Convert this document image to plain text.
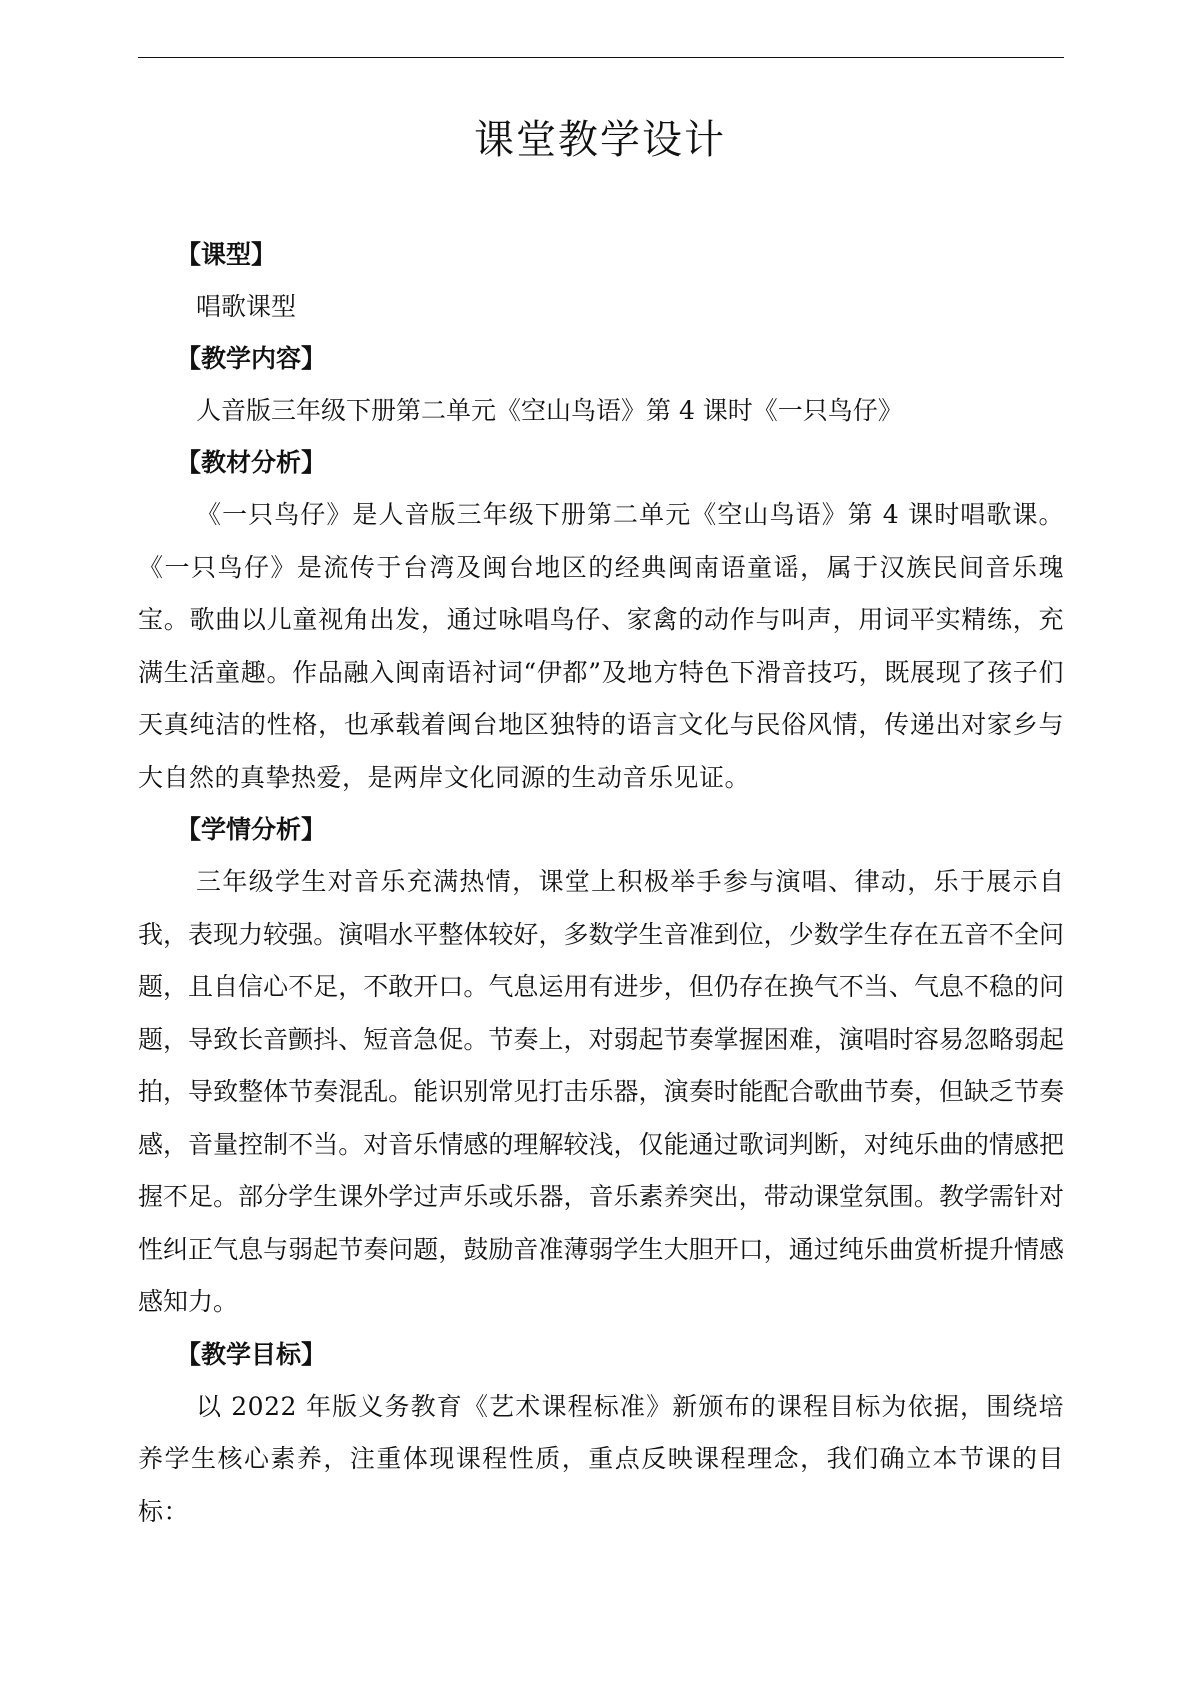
课堂教学设计
【课型】
唱歌课型
【教学内容】
人音版三年级下册第二单元《空山鸟语》第 4 课时《一只鸟仔》
【教材分析】
《一只鸟仔》是人音版三年级下册第二单元《空山鸟语》第 4 课时唱歌课。《一只鸟仔》是流传于台湾及闽台地区的经典闽南语童谣，属于汉族民间音乐瑰宝。歌曲以儿童视角出发，通过咏唱鸟仔、家禽的动作与叫声，用词平实精练，充满生活童趣。作品融入闽南语衬词“伊都”及地方特色下滑音技巧，既展现了孩子们天真纯洁的性格，也承载着闽台地区独特的语言文化与民俗风情，传递出对家乡与大自然的真挚热爱，是两岸文化同源的生动音乐见证。
【学情分析】
三年级学生对音乐充满热情，课堂上积极举手参与演唱、律动，乐于展示自我，表现力较强。演唱水平整体较好，多数学生音准到位，少数学生存在五音不全问题，且自信心不足，不敢开口。气息运用有进步，但仍存在换气不当、气息不稳的问题，导致长音颤抖、短音急促。节奏上，对弱起节奏掌握困难，演唱时容易忽略弱起拍，导致整体节奏混乱。能识别常见打击乐器，演奏时能配合歌曲节奏，但缺乏节奏感，音量控制不当。对音乐情感的理解较浅，仅能通过歌词判断，对纯乐曲的情感把握不足。部分学生课外学过声乐或乐器，音乐素养突出，带动课堂氛围。教学需针对性纠正气息与弱起节奏问题，鼓励音准薄弱学生大胆开口，通过纯乐曲赏析提升情感感知力。
【教学目标】
以 2022 年版义务教育《艺术课程标准》新颁布的课程目标为依据，围绕培养学生核心素养，注重体现课程性质，重点反映课程理念，我们确立本节课的目标：
